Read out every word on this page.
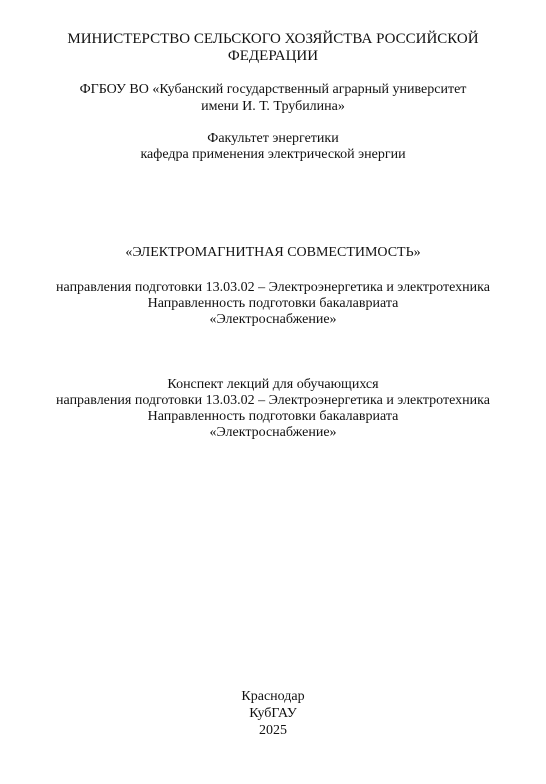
МИНИСТЕРСТВО СЕЛЬСКОГО ХОЗЯЙСТВА РОССИЙСКОЙ
ФЕДЕРАЦИИ
ФГБОУ ВО «Кубанский государственный аграрный университет
имени И. Т. Трубилина»
Факультет энергетики
кафедра применения электрической энергии
«ЭЛЕКТРОМАГНИТНАЯ СОВМЕСТИМОСТЬ»
направления подготовки 13.03.02 – Электроэнергетика и электротехника
Направленность подготовки бакалавриата
«Электроснабжение»
Конспект лекций для обучающихся
направления подготовки 13.03.02 – Электроэнергетика и электротехника
Направленность подготовки бакалавриата
«Электроснабжение»
Краснодар
КубГАУ
2025
